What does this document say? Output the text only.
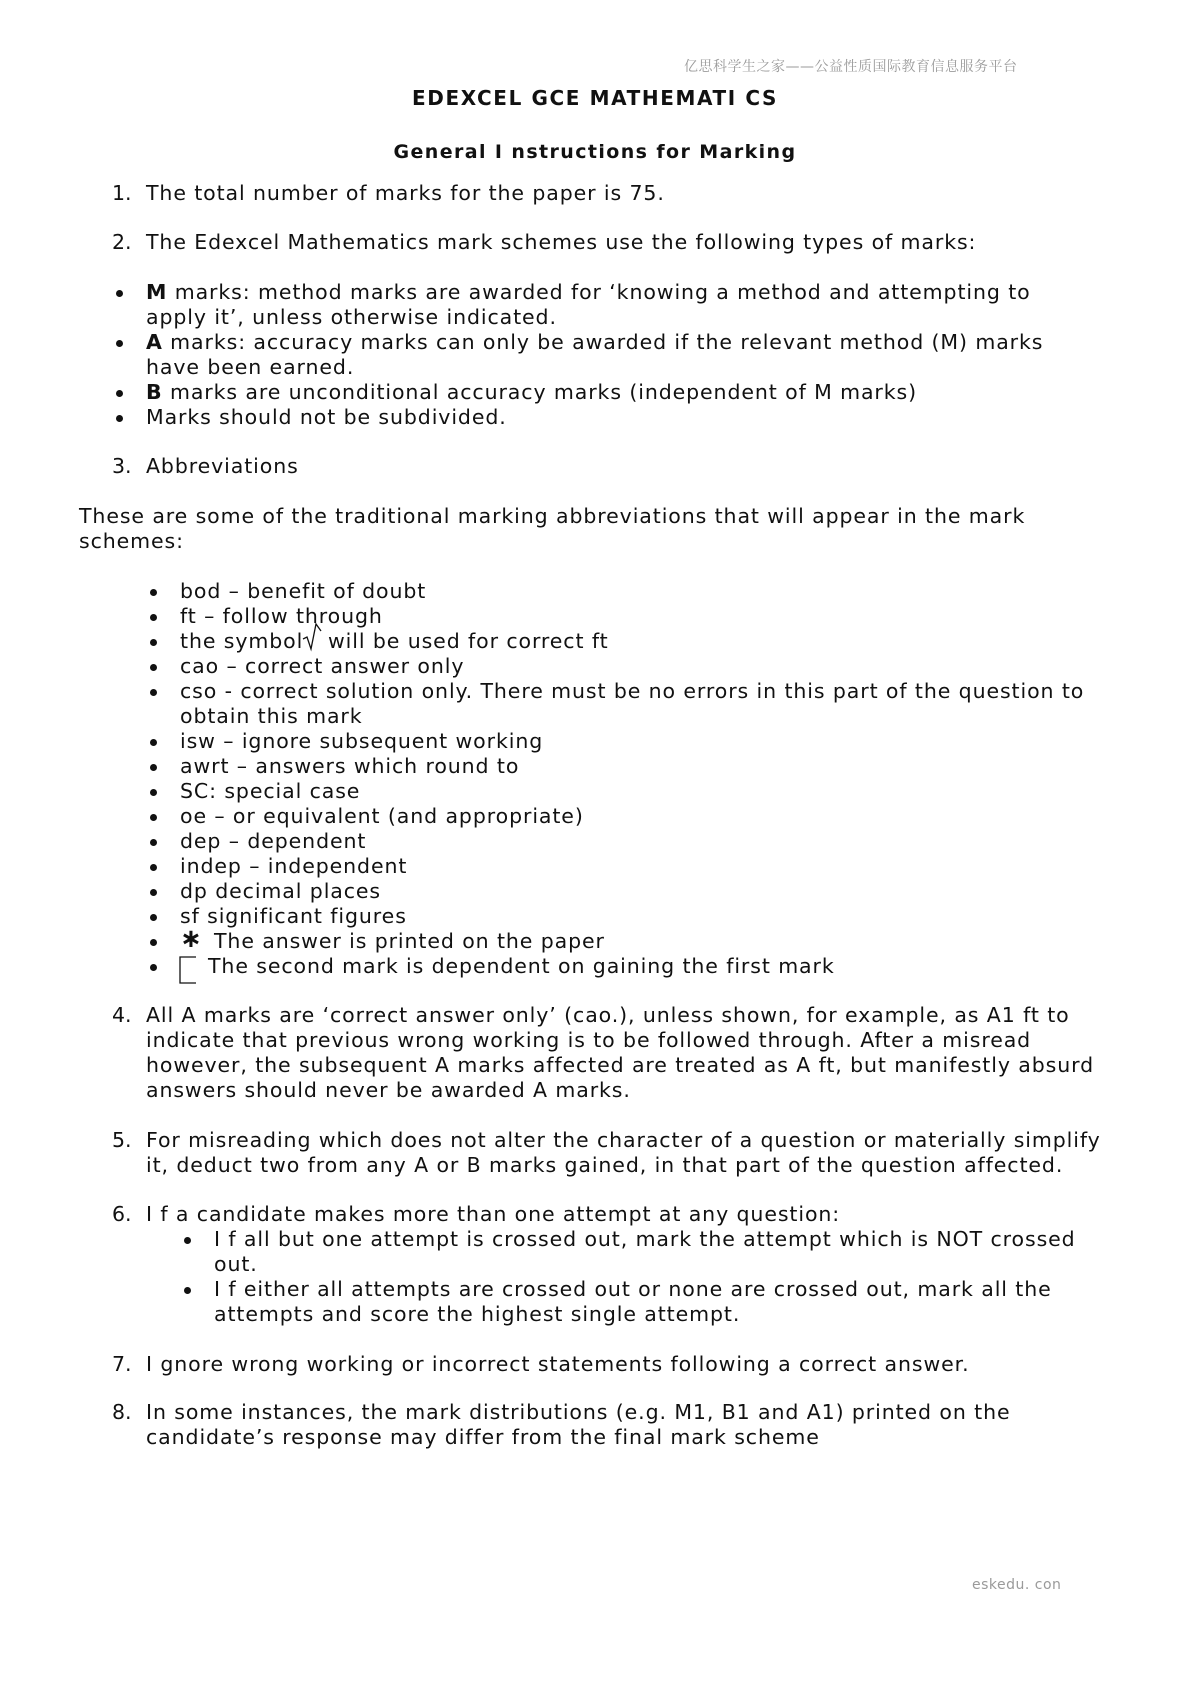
亿思科学生之家——公益性质国际教育信息服务平台
EDEXCEL GCE MATHEMATI CS
General I nstructions for Marking
1. The total number of marks for the paper is 75.
2. The Edexcel Mathematics mark schemes use the following types of marks:
M marks: method marks are awarded for ‘knowing a method and attempting to
apply it’, unless otherwise indicated.
A marks: accuracy marks can only be awarded if the relevant method (M) marks
have been earned.
B marks are unconditional accuracy marks (independent of M marks)
Marks should not be subdivided.
3. Abbreviations
These are some of the traditional marking abbreviations that will appear in the mark
schemes:
bod – benefit of doubt
ft – follow through
the symbol will be used for correct ft
cao – correct answer only
cso - correct solution only. There must be no errors in this part of the question to
obtain this mark
isw – ignore subsequent working
awrt – answers which round to
SC: special case
oe – or equivalent (and appropriate)
dep – dependent
indep – independent
dp decimal places
sf significant figures
∗ The answer is printed on the paper
The second mark is dependent on gaining the first mark
4. All A marks are ‘correct answer only’ (cao.), unless shown, for example, as A1 ft to
indicate that previous wrong working is to be followed through. After a misread
however, the subsequent A marks affected are treated as A ft, but manifestly absurd
answers should never be awarded A marks.
5. For misreading which does not alter the character of a question or materially simplify
it, deduct two from any A or B marks gained, in that part of the question affected.
6. I f a candidate makes more than one attempt at any question:
I f all but one attempt is crossed out, mark the attempt which is NOT crossed
out.
I f either all attempts are crossed out or none are crossed out, mark all the
attempts and score the highest single attempt.
7. I gnore wrong working or incorrect statements following a correct answer.
8. In some instances, the mark distributions (e.g. M1, B1 and A1) printed on the
candidate’s response may differ from the final mark scheme
eskedu. con
